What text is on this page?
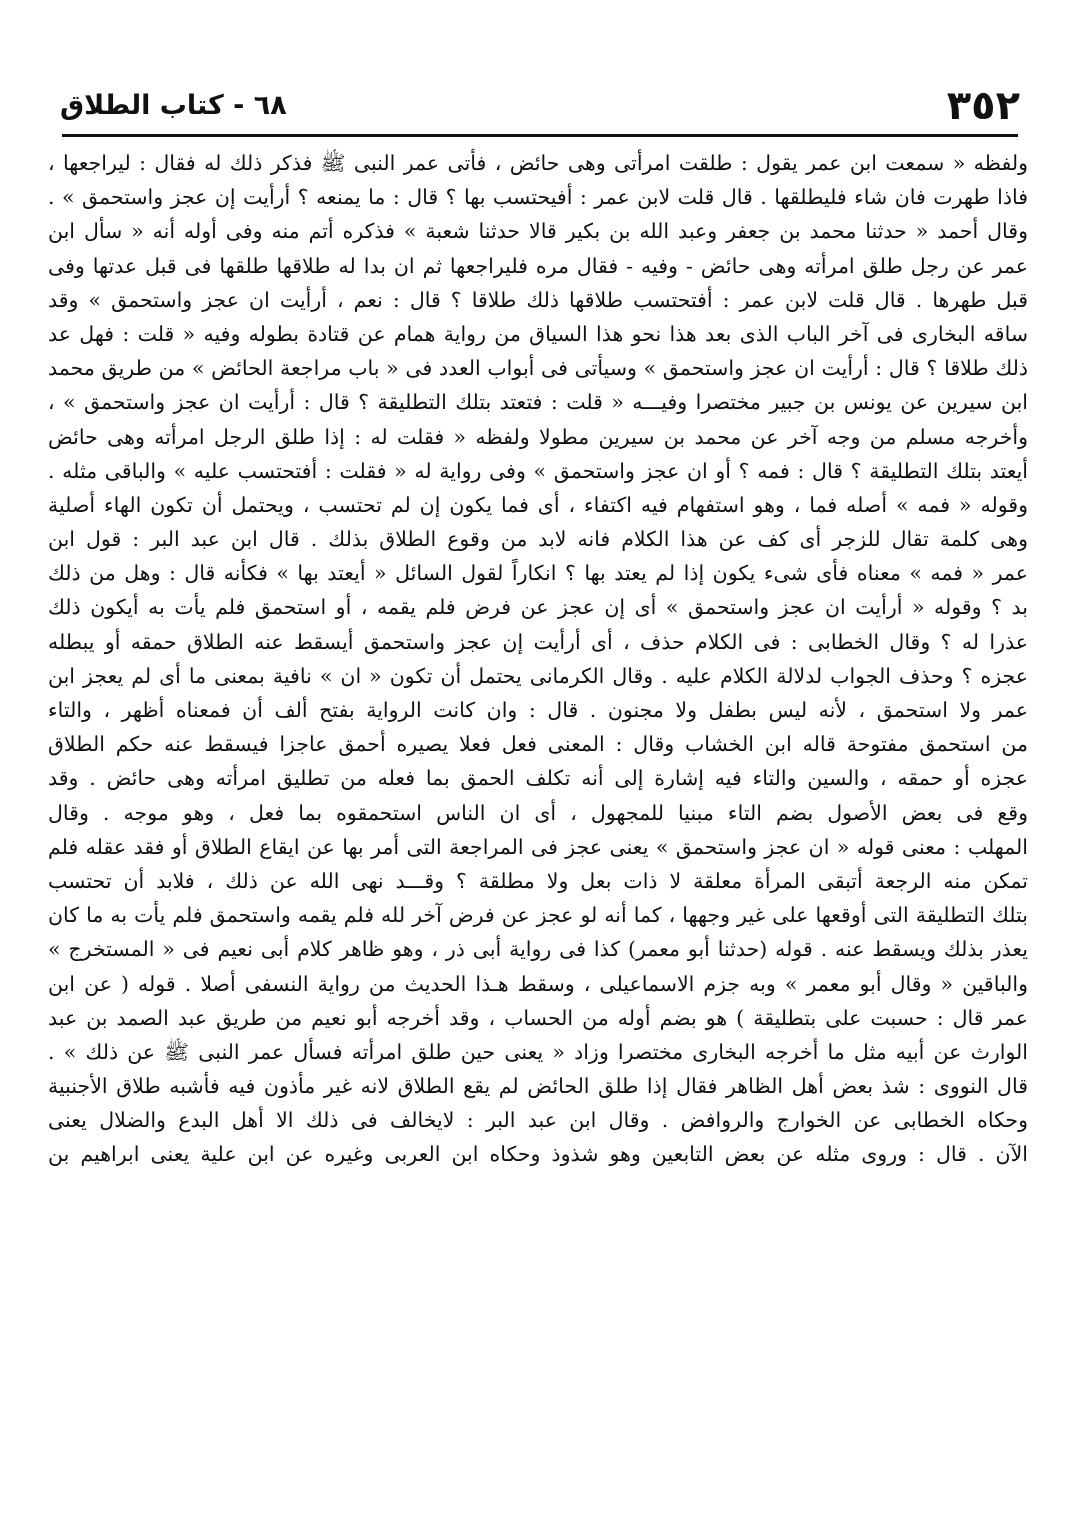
٣٥٢
٦٨ - كتاب الطلاق
ولفظه « سمعت ابن عمر يقول : طلقت امرأتى وهى حائض ، فأتى عمر النبى ﷺ فذكر ذلك له فقال : ليراجعها ،
فاذا طهرت فان شاء فليطلقها . قال قلت لابن عمر : أفيحتسب بها ؟ قال : ما يمنعه ؟ أرأيت إن عجز واستحمق » .
وقال أحمد « حدثنا محمد بن جعفر وعبد الله بن بكير قالا حدثنا شعبة » فذكره أتم منه وفى أوله أنه « سأل ابن
عمر عن رجل طلق امرأته وهى حائض - وفيه - فقال مره فليراجعها ثم ان بدا له طلاقها طلقها فى قبل عدتها وفى
قبل طهرها . قال قلت لابن عمر : أفتحتسب طلاقها ذلك طلاقا ؟ قال : نعم ، أرأيت ان عجز واستحمق » وقد
ساقه البخارى فى آخر الباب الذى بعد هذا نحو هذا السياق من رواية همام عن قتادة بطوله وفيه « قلت : فهل عد
ذلك طلاقا ؟ قال : أرأيت ان عجز واستحمق » وسيأتى فى أبواب العدد فى « باب مراجعة الحائض » من طريق محمد
ابن سيرين عن يونس بن جبير مختصرا وفيـــه « قلت : فتعتد بتلك التطليقة ؟ قال : أرأيت ان عجز واستحمق » ،
وأخرجه مسلم من وجه آخر عن محمد بن سيرين مطولا ولفظه « فقلت له : إذا طلق الرجل امرأته وهى حائض
أيعتد بتلك التطليقة ؟ قال : فمه ؟ أو ان عجز واستحمق » وفى رواية له « فقلت : أفتحتسب عليه » والباقى مثله .
وقوله « فمه » أصله فما ، وهو استفهام فيه اكتفاء ، أى فما يكون إن لم تحتسب ، ويحتمل أن تكون الهاء أصلية
وهى كلمة تقال للزجر أى كف عن هذا الكلام فانه لابد من وقوع الطلاق بذلك . قال ابن عبد البر : قول ابن
عمر « فمه » معناه فأى شىء يكون إذا لم يعتد بها ؟ انكاراً لقول السائل « أيعتد بها » فكأنه قال : وهل من ذلك
بد ؟ وقوله « أرأيت ان عجز واستحمق » أى إن عجز عن فرض فلم يقمه ، أو استحمق فلم يأت به أيكون ذلك
عذرا له ؟ وقال الخطابى : فى الكلام حذف ، أى أرأيت إن عجز واستحمق أيسقط عنه الطلاق حمقه أو يبطله
عجزه ؟ وحذف الجواب لدلالة الكلام عليه . وقال الكرمانى يحتمل أن تكون « ان » نافية بمعنى ما أى لم يعجز ابن
عمر ولا استحمق ، لأنه ليس بطفل ولا مجنون . قال : وان كانت الرواية بفتح ألف أن فمعناه أظهر ، والتاء
من استحمق مفتوحة قاله ابن الخشاب وقال : المعنى فعل فعلا يصيره أحمق عاجزا فيسقط عنه حكم الطلاق
عجزه أو حمقه ، والسين والتاء فيه إشارة إلى أنه تكلف الحمق بما فعله من تطليق امرأته وهى حائض . وقد
وقع فى بعض الأصول بضم التاء مبنيا للمجهول ، أى ان الناس استحمقوه بما فعل ، وهو موجه . وقال
المهلب : معنى قوله « ان عجز واستحمق » يعنى عجز فى المراجعة التى أمر بها عن ايقاع الطلاق أو فقد عقله فلم
تمكن منه الرجعة أتبقى المرأة معلقة لا ذات بعل ولا مطلقة ؟ وقـــد نهى الله عن ذلك ، فلابد أن تحتسب
بتلك التطليقة التى أوقعها على غير وجهها ، كما أنه لو عجز عن فرض آخر لله فلم يقمه واستحمق فلم يأت به ما كان
يعذر بذلك ويسقط عنه . قوله (حدثنا أبو معمر) كذا فى رواية أبى ذر ، وهو ظاهر كلام أبى نعيم فى « المستخرج »
والباقين « وقال أبو معمر » وبه جزم الاسماعيلى ، وسقط هـذا الحديث من رواية النسفى أصلا . قوله ( عن ابن
عمر قال : حسبت على بتطليقة ) هو بضم أوله من الحساب ، وقد أخرجه أبو نعيم من طريق عبد الصمد بن عبد
الوارث عن أبيه مثل ما أخرجه البخارى مختصرا وزاد « يعنى حين طلق امرأته فسأل عمر النبى ﷺ عن ذلك » .
قال النووى : شذ بعض أهل الظاهر فقال إذا طلق الحائض لم يقع الطلاق لانه غير مأذون فيه فأشبه طلاق الأجنبية
وحكاه الخطابى عن الخوارج والروافض . وقال ابن عبد البر : لايخالف فى ذلك الا أهل البدع والضلال يعنى
الآن . قال : وروى مثله عن بعض التابعين وهو شذوذ وحكاه ابن العربى وغيره عن ابن علية يعنى ابراهيم بن
